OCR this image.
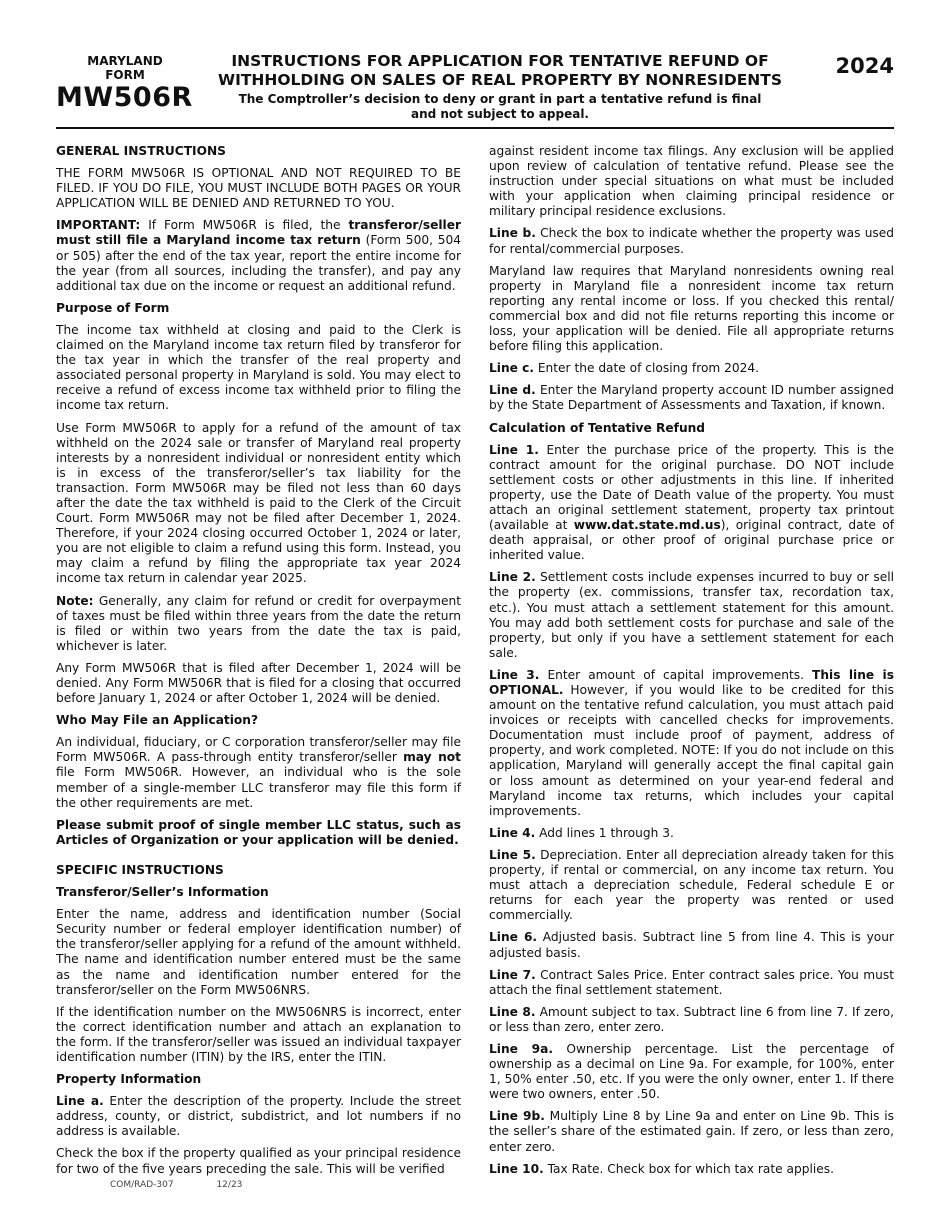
MARYLAND
FORM
MW506R
INSTRUCTIONS FOR APPLICATION FOR TENTATIVE REFUND OF WITHHOLDING ON SALES OF REAL PROPERTY BY NONRESIDENTS
The Comptroller’s decision to deny or grant in part a tentative refund is final and not subject to appeal.
2024
GENERAL INSTRUCTIONS

THE FORM MW506R IS OPTIONAL AND NOT REQUIRED TO BE FILED. IF YOU DO FILE, YOU MUST INCLUDE BOTH PAGES OR YOUR APPLICATION WILL BE DENIED AND RETURNED TO YOU.

IMPORTANT: If Form MW506R is filed, the transferor/seller must still file a Maryland income tax return (Form 500, 504 or 505) after the end of the tax year, report the entire income for the year (from all sources, including the transfer), and pay any additional tax due on the income or request an additional refund.

Purpose of Form

The income tax withheld at closing and paid to the Clerk is claimed on the Maryland income tax return filed by transferor for the tax year in which the transfer of the real property and associated personal property in Maryland is sold. You may elect to receive a refund of excess income tax withheld prior to filing the income tax return.

Use Form MW506R to apply for a refund of the amount of tax withheld on the 2024 sale or transfer of Maryland real property interests by a nonresident individual or nonresident entity which is in excess of the transferor/seller’s tax liability for the transaction. Form MW506R may be filed not less than 60 days after the date the tax withheld is paid to the Clerk of the Circuit Court. Form MW506R may not be filed after December 1, 2024. Therefore, if your 2024 closing occurred October 1, 2024 or later, you are not eligible to claim a refund using this form. Instead, you may claim a refund by filing the appropriate tax year 2024 income tax return in calendar year 2025.

Note: Generally, any claim for refund or credit for overpayment of taxes must be filed within three years from the date the return is filed or within two years from the date the tax is paid, whichever is later.

Any Form MW506R that is filed after December 1, 2024 will be denied. Any Form MW506R that is filed for a closing that occurred before January 1, 2024 or after October 1, 2024 will be denied.

Who May File an Application?

An individual, fiduciary, or C corporation transferor/seller may file Form MW506R. A pass-through entity transferor/seller may not file Form MW506R. However, an individual who is the sole member of a single-member LLC transferor may file this form if the other requirements are met.

Please submit proof of single member LLC status, such as Articles of Organization or your application will be denied.

SPECIFIC INSTRUCTIONS
Transferor/Seller’s Information

Enter the name, address and identification number (Social Security number or federal employer identification number) of the transferor/seller applying for a refund of the amount withheld. The name and identification number entered must be the same as the name and identification number entered for the transferor/seller on the Form MW506NRS.

If the identification number on the MW506NRS is incorrect, enter the correct identification number and attach an explanation to the form. If the transferor/seller was issued an individual taxpayer identification number (ITIN) by the IRS, enter the ITIN.

Property Information

Line a. Enter the description of the property. Include the street address, county, or district, subdistrict, and lot numbers if no address is available.

Check the box if the property qualified as your principal residence for two of the five years preceding the sale. This will be verified

against resident income tax filings. Any exclusion will be applied upon review of calculation of tentative refund. Please see the instruction under special situations on what must be included with your application when claiming principal residence or military principal residence exclusions.

Line b. Check the box to indicate whether the property was used for rental/commercial purposes.

Maryland law requires that Maryland nonresidents owning real property in Maryland file a nonresident income tax return reporting any rental income or loss. If you checked this rental/ commercial box and did not file returns reporting this income or loss, your application will be denied. File all appropriate returns before filing this application.

Line c. Enter the date of closing from 2024.

Line d. Enter the Maryland property account ID number assigned by the State Department of Assessments and Taxation, if known.

Calculation of Tentative Refund

Line 1. Enter the purchase price of the property. This is the contract amount for the original purchase. DO NOT include settlement costs or other adjustments in this line. If inherited property, use the Date of Death value of the property. You must attach an original settlement statement, property tax printout (available at www.dat.state.md.us), original contract, date of death appraisal, or other proof of original purchase price or inherited value.

Line 2. Settlement costs include expenses incurred to buy or sell the property (ex. commissions, transfer tax, recordation tax, etc.). You must attach a settlement statement for this amount. You may add both settlement costs for purchase and sale of the property, but only if you have a settlement statement for each sale.

Line 3. Enter amount of capital improvements. This line is OPTIONAL. However, if you would like to be credited for this amount on the tentative refund calculation, you must attach paid invoices or receipts with cancelled checks for improvements. Documentation must include proof of payment, address of property, and work completed. NOTE: If you do not include on this application, Maryland will generally accept the final capital gain or loss amount as determined on your year-end federal and Maryland income tax returns, which includes your capital improvements.

Line 4. Add lines 1 through 3.

Line 5. Depreciation. Enter all depreciation already taken for this property, if rental or commercial, on any income tax return. You must attach a depreciation schedule, Federal schedule E or returns for each year the property was rented or used commercially.

Line 6. Adjusted basis. Subtract line 5 from line 4. This is your adjusted basis.

Line 7. Contract Sales Price. Enter contract sales price. You must attach the final settlement statement.

Line 8. Amount subject to tax. Subtract line 6 from line 7. If zero, or less than zero, enter zero.

Line 9a. Ownership percentage. List the percentage of ownership as a decimal on Line 9a. For example, for 100%, enter 1, 50% enter .50, etc. If you were the only owner, enter 1. If there were two owners, enter .50.

Line 9b. Multiply Line 8 by Line 9a and enter on Line 9b. This is the seller’s share of the estimated gain. If zero, or less than zero, enter zero.

Line 10. Tax Rate. Check box for which tax rate applies.

COM/RAD-307	12/23
